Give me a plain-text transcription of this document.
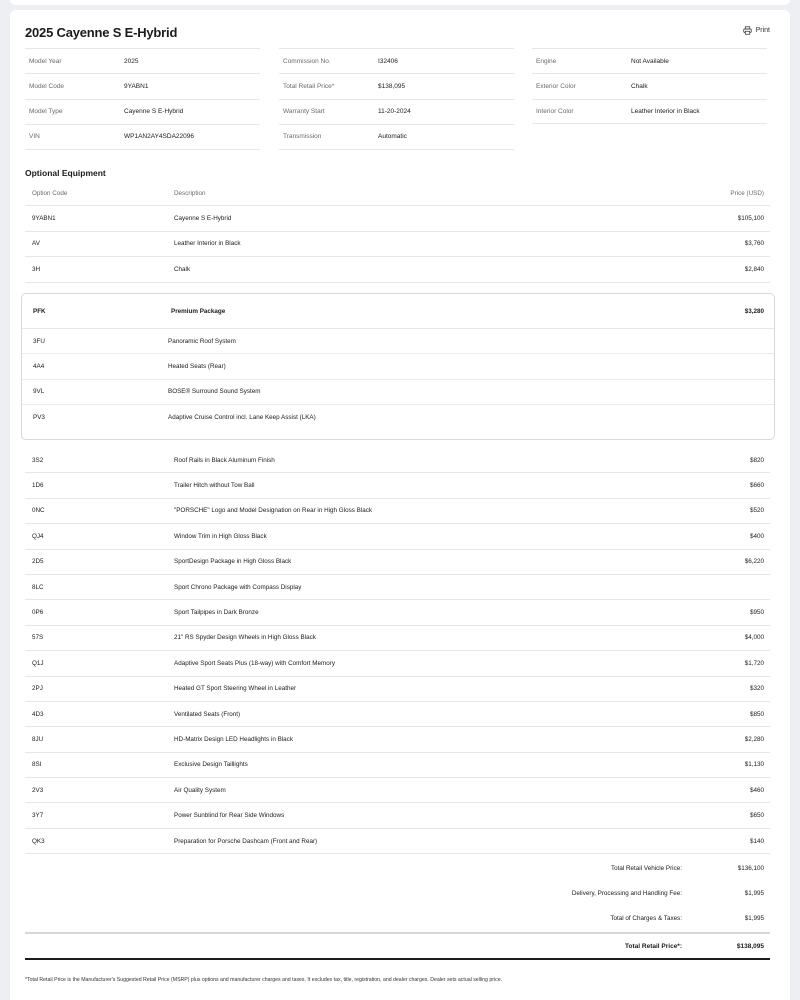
2025 Cayenne S E-Hybrid	Print
Model Year	2025
Model Code	9YABN1
Model Type	Cayenne S E-Hybrid
VIN	WP1AN2AY4SDA22096
Commission No.	I32406
Total Retail Price*	$138,095
Warranty Start	11-20-2024
Transmission	Automatic
Engine	Not Available
Exterior Color	Chalk
Interior Color	Leather Interior in Black
Optional Equipment
Option Code	Description	Price (USD)
9YABN1	Cayenne S E-Hybrid	$105,100
AV	Leather Interior in Black	$3,760
3H	Chalk	$2,840
PFK	Premium Package	$3,280
3FU	Panoramic Roof System
4A4	Heated Seats (Rear)
9VL	BOSE® Surround Sound System
PV3	Adaptive Cruise Control incl. Lane Keep Assist (LKA)
3S2	Roof Rails in Black Aluminum Finish	$820
1D6	Trailer Hitch without Tow Ball	$660
0NC	"PORSCHE" Logo and Model Designation on Rear in High Gloss Black	$520
QJ4	Window Trim in High Gloss Black	$400
2D5	SportDesign Package in High Gloss Black	$6,220
8LC	Sport Chrono Package with Compass Display
0P6	Sport Tailpipes in Dark Bronze	$950
57S	21" RS Spyder Design Wheels in High Gloss Black	$4,000
Q1J	Adaptive Sport Seats Plus (18-way) with Comfort Memory	$1,720
2PJ	Heated GT Sport Steering Wheel in Leather	$320
4D3	Ventilated Seats (Front)	$850
8JU	HD-Matrix Design LED Headlights in Black	$2,280
8SI	Exclusive Design Taillights	$1,130
2V3	Air Quality System	$460
3Y7	Power Sunblind for Rear Side Windows	$650
QK3	Preparation for Porsche Dashcam (Front and Rear)	$140
Total Retail Vehicle Price:	$136,100
Delivery, Processing and Handling Fee:	$1,995
Total of Charges & Taxes:	$1,995
Total Retail Price*:	$138,095
*Total Retail Price is the Manufacturer's Suggested Retail Price (MSRP) plus options and manufacturer charges and taxes. It excludes tax, title, registration, and dealer charges. Dealer sets actual selling price.
